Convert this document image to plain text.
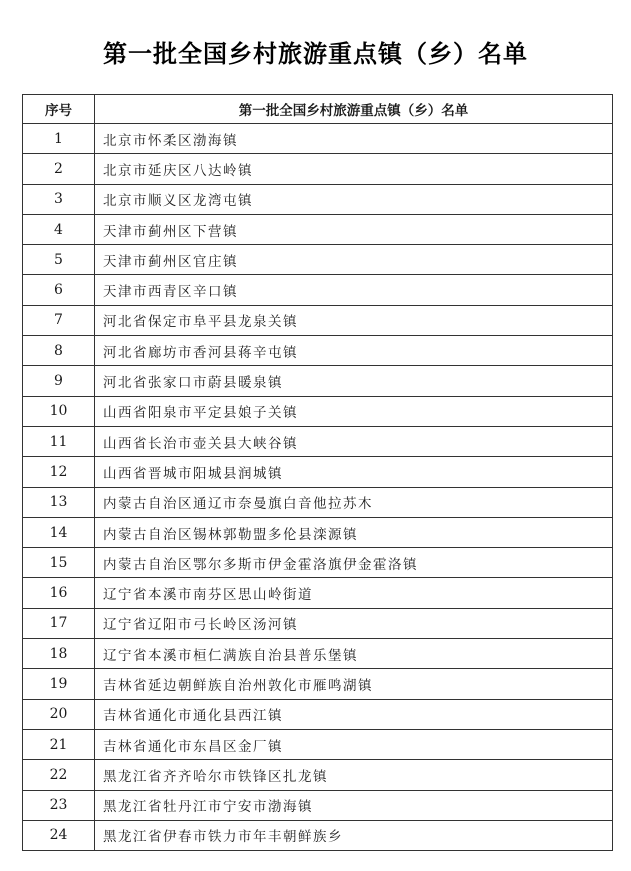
第一批全国乡村旅游重点镇（乡）名单
序号	第一批全国乡村旅游重点镇（乡）名单
1	北京市怀柔区渤海镇
2	北京市延庆区八达岭镇
3	北京市顺义区龙湾屯镇
4	天津市蓟州区下营镇
5	天津市蓟州区官庄镇
6	天津市西青区辛口镇
7	河北省保定市阜平县龙泉关镇
8	河北省廊坊市香河县蒋辛屯镇
9	河北省张家口市蔚县暖泉镇
10	山西省阳泉市平定县娘子关镇
11	山西省长治市壶关县大峡谷镇
12	山西省晋城市阳城县润城镇
13	内蒙古自治区通辽市奈曼旗白音他拉苏木
14	内蒙古自治区锡林郭勒盟多伦县滦源镇
15	内蒙古自治区鄂尔多斯市伊金霍洛旗伊金霍洛镇
16	辽宁省本溪市南芬区思山岭街道
17	辽宁省辽阳市弓长岭区汤河镇
18	辽宁省本溪市桓仁满族自治县普乐堡镇
19	吉林省延边朝鲜族自治州敦化市雁鸣湖镇
20	吉林省通化市通化县西江镇
21	吉林省通化市东昌区金厂镇
22	黑龙江省齐齐哈尔市铁锋区扎龙镇
23	黑龙江省牡丹江市宁安市渤海镇
24	黑龙江省伊春市铁力市年丰朝鲜族乡
